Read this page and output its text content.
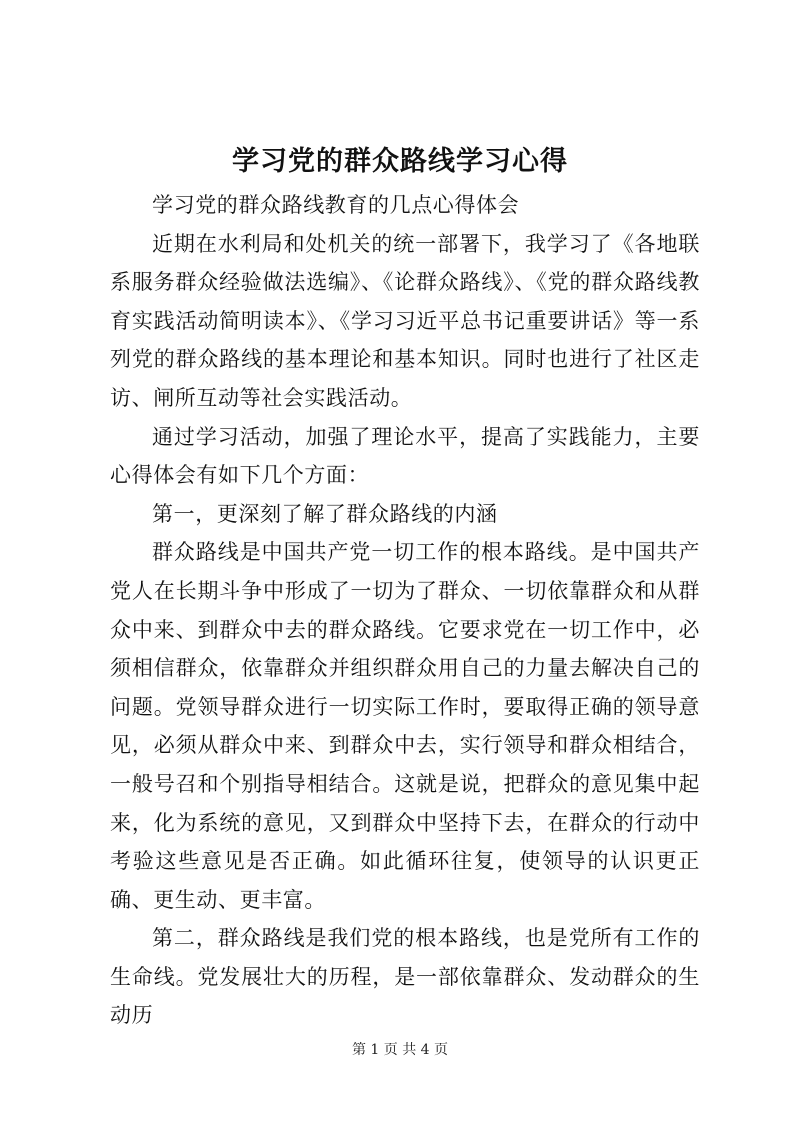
学习党的群众路线学习心得

学习党的群众路线教育的几点心得体会

近期在水利局和处机关的统一部署下，我学习了《各地联系服务群众经验做法选编》、《论群众路线》、《党的群众路线教育实践活动简明读本》、《学习习近平总书记重要讲话》等一系列党的群众路线的基本理论和基本知识。同时也进行了社区走访、闸所互动等社会实践活动。

通过学习活动，加强了理论水平，提高了实践能力，主要心得体会有如下几个方面：

第一，更深刻了解了群众路线的内涵

群众路线是中国共产党一切工作的根本路线。是中国共产党人在长期斗争中形成了一切为了群众、一切依靠群众和从群众中来、到群众中去的群众路线。它要求党在一切工作中，必须相信群众，依靠群众并组织群众用自己的力量去解决自己的问题。党领导群众进行一切实际工作时，要取得正确的领导意见，必须从群众中来、到群众中去，实行领导和群众相结合，一般号召和个别指导相结合。这就是说，把群众的意见集中起来，化为系统的意见，又到群众中坚持下去，在群众的行动中考验这些意见是否正确。如此循环往复，使领导的认识更正确、更生动、更丰富。

第二，群众路线是我们党的根本路线，也是党所有工作的生命线。党发展壮大的历程，是一部依靠群众、发动群众的生动历

第 1 页 共 4 页
